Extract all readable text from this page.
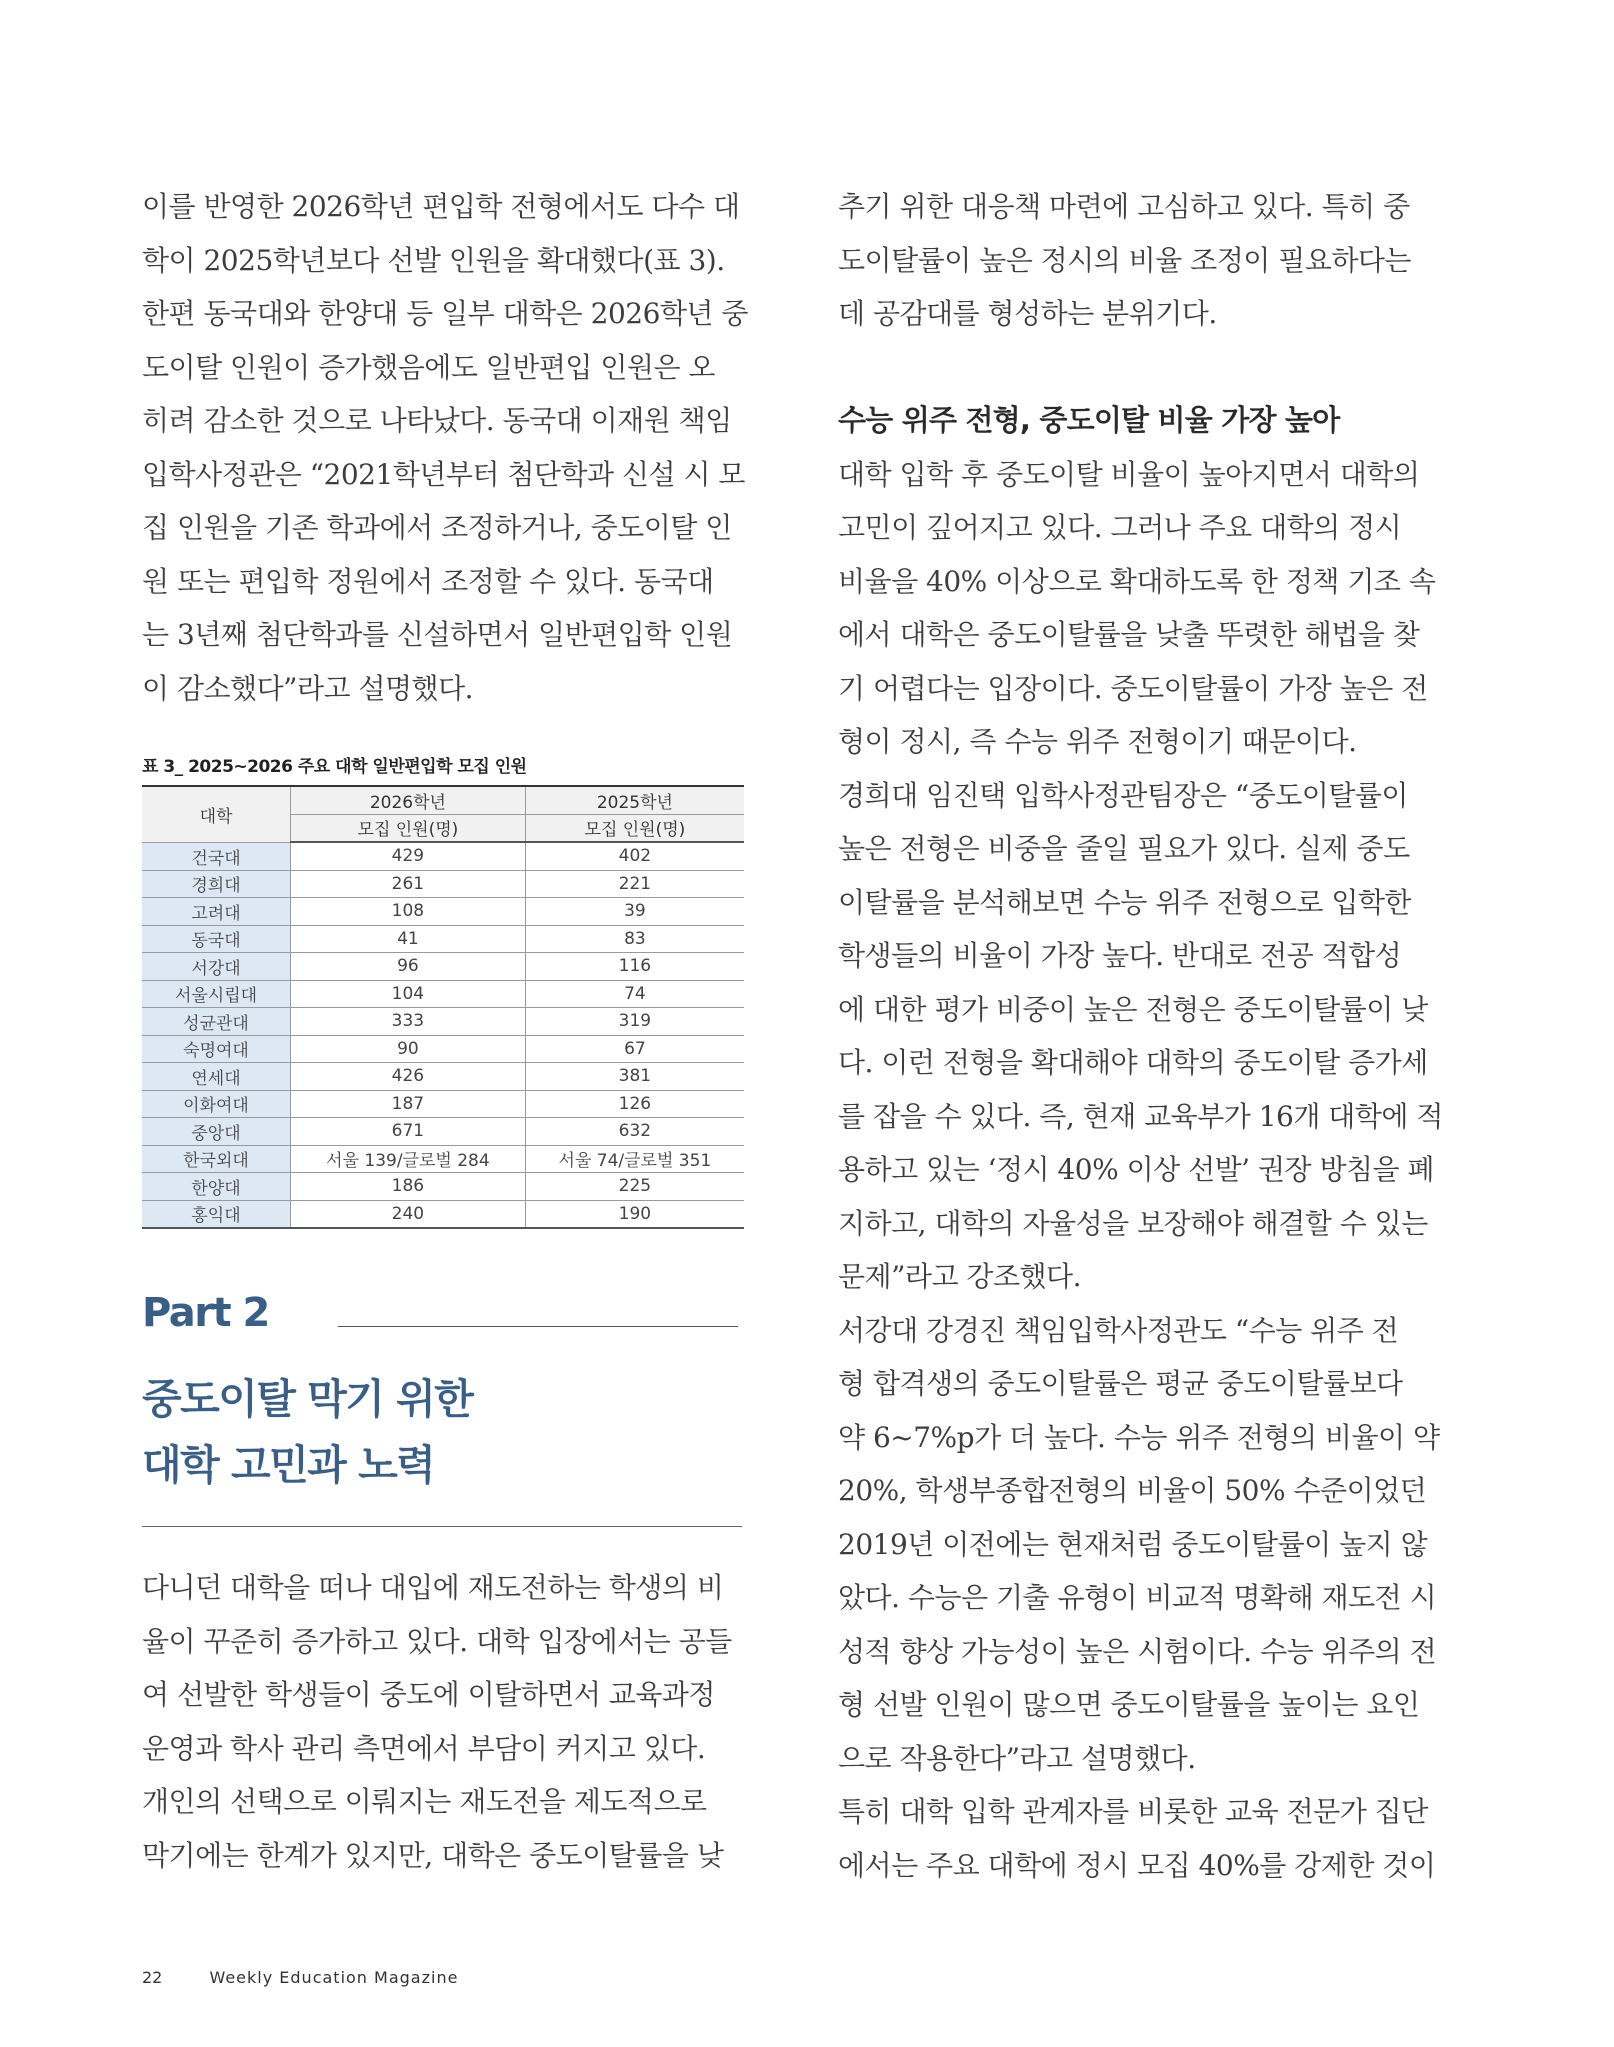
이를 반영한 2026학년 편입학 전형에서도 다수 대

학이 2025학년보다 선발 인원을 확대했다(표 3).

한편 동국대와 한양대 등 일부 대학은 2026학년 중

도이탈 인원이 증가했음에도 일반편입 인원은 오

히려 감소한 것으로 나타났다. 동국대 이재원 책임

입학사정관은 “2021학년부터 첨단학과 신설 시 모

집 인원을 기존 학과에서 조정하거나, 중도이탈 인

원 또는 편입학 정원에서 조정할 수 있다. 동국대

는 3년째 첨단학과를 신설하면서 일반편입학 인원

이 감소했다”라고 설명했다.

표 3_ 2025~2026 주요 대학 일반편입학 모집 인원
대학	2026학년	2025학년
	모집 인원(명)	모집 인원(명)
건국대	429	402
경희대	261	221
고려대	108	39
동국대	41	83
서강대	96	116
서울시립대	104	74
성균관대	333	319
숙명여대	90	67
연세대	426	381
이화여대	187	126
중앙대	671	632
한국외대	서울 139/글로벌 284	서울 74/글로벌 351
한양대	186	225
홍익대	240	190
Part 2
중도이탈 막기 위한
대학 고민과 노력

다니던 대학을 떠나 대입에 재도전하는 학생의 비

율이 꾸준히 증가하고 있다. 대학 입장에서는 공들

여 선발한 학생들이 중도에 이탈하면서 교육과정

운영과 학사 관리 측면에서 부담이 커지고 있다.

개인의 선택으로 이뤄지는 재도전을 제도적으로

막기에는 한계가 있지만, 대학은 중도이탈률을 낮

추기 위한 대응책 마련에 고심하고 있다. 특히 중

도이탈률이 높은 정시의 비율 조정이 필요하다는

데 공감대를 형성하는 분위기다.

수능 위주 전형, 중도이탈 비율 가장 높아

대학 입학 후 중도이탈 비율이 높아지면서 대학의

고민이 깊어지고 있다. 그러나 주요 대학의 정시

비율을 40% 이상으로 확대하도록 한 정책 기조 속

에서 대학은 중도이탈률을 낮출 뚜렷한 해법을 찾

기 어렵다는 입장이다. 중도이탈률이 가장 높은 전

형이 정시, 즉 수능 위주 전형이기 때문이다.

경희대 임진택 입학사정관팀장은 “중도이탈률이

높은 전형은 비중을 줄일 필요가 있다. 실제 중도

이탈률을 분석해보면 수능 위주 전형으로 입학한

학생들의 비율이 가장 높다. 반대로 전공 적합성

에 대한 평가 비중이 높은 전형은 중도이탈률이 낮

다. 이런 전형을 확대해야 대학의 중도이탈 증가세

를 잡을 수 있다. 즉, 현재 교육부가 16개 대학에 적

용하고 있는 ‘정시 40% 이상 선발’ 권장 방침을 폐

지하고, 대학의 자율성을 보장해야 해결할 수 있는

문제”라고 강조했다.

서강대 강경진 책임입학사정관도 “수능 위주 전

형 합격생의 중도이탈률은 평균 중도이탈률보다

약 6~7%p가 더 높다. 수능 위주 전형의 비율이 약

20%, 학생부종합전형의 비율이 50% 수준이었던

2019년 이전에는 현재처럼 중도이탈률이 높지 않

았다. 수능은 기출 유형이 비교적 명확해 재도전 시

성적 향상 가능성이 높은 시험이다. 수능 위주의 전

형 선발 인원이 많으면 중도이탈률을 높이는 요인

으로 작용한다”라고 설명했다.

특히 대학 입학 관계자를 비롯한 교육 전문가 집단

에서는 주요 대학에 정시 모집 40%를 강제한 것이

22	Weekly Education Magazine
